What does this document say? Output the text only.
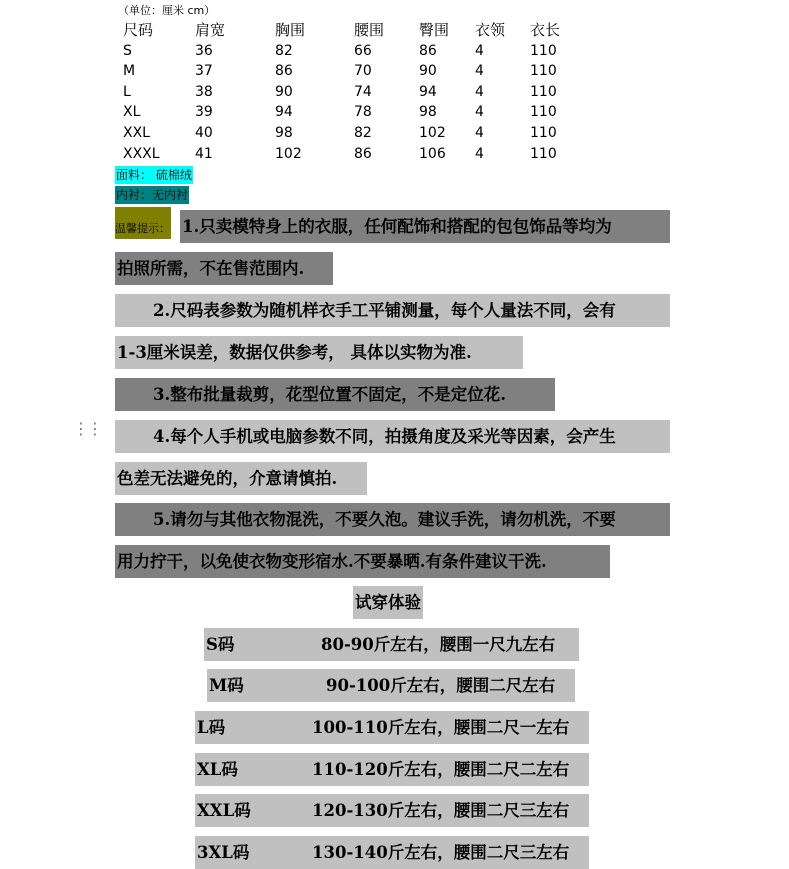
（单位：厘米 cm）
尺码	肩宽	胸围	腰围 臀围 衣领 衣长
S	36	82	66	86	4	110
M	37	86	70	90	4	110
L	38	90	74	94	4	110
XL	39	94	78	98	4	110
XXL	40	98	82	102 4	110
XXXL	41	102	86	106 4	110
面料： 硫棉绒
内衬：无内衬
温馨提示： 1.只卖模特身上的衣服，任何配饰和搭配的包包饰品等均为
拍照所需，不在售范围内.
2.尺码表参数为随机样衣手工平铺测量，每个人量法不同，会有
1-3厘米误差，数据仅供参考， 具体以实物为准.
3.整布批量裁剪，花型位置不固定，不是定位花.
⋮⋮	4.每个人手机或电脑参数不同，拍摄角度及采光等因素，会产生
色差无法避免的，介意请慎拍.
5.请勿与其他衣物混洗，不要久泡。建议手洗，请勿机洗，不要
用力拧干，以免使衣物变形宿水.不要暴晒.有条件建议干洗.
试穿体验
S码	80-90斤左右，腰围一尺九左右
M码	90-100斤左右，腰围二尺左右
L码	100-110斤左右，腰围二尺一左右
XL码	110-120斤左右，腰围二尺二左右
XXL码	120-130斤左右，腰围二尺三左右
3XL码	130-140斤左右，腰围二尺三左右
